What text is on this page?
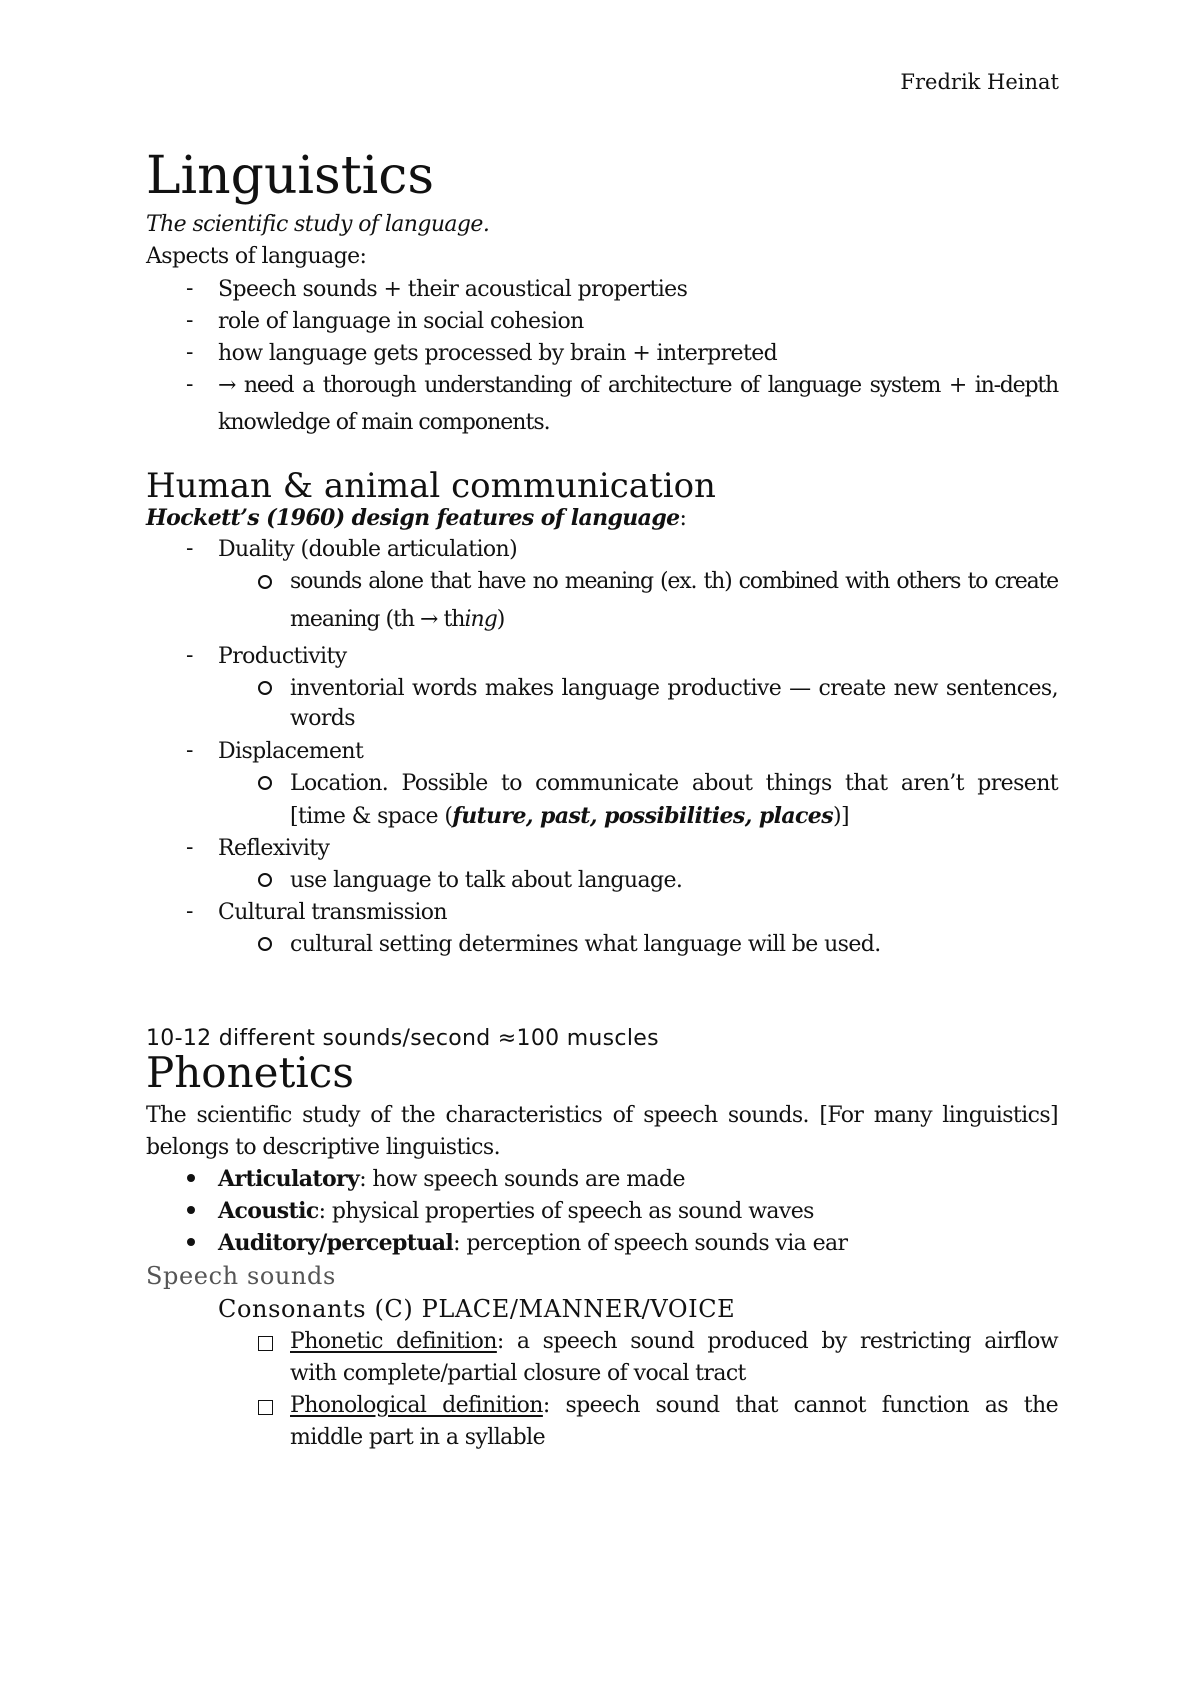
Fredrik Heinat
Linguistics
The scientific study of language.
Aspects of language:
- Speech sounds + their acoustical properties
- role of language in social cohesion
- how language gets processed by brain + interpreted
- → need a thorough understanding of architecture of language system + in-depth
knowledge of main components.
Human & animal communication
Hockett’s (1960) design features of language:
- Duality (double articulation)
sounds alone that have no meaning (ex. th) combined with others to create
meaning (th → thing)
- Productivity
inventorial words makes language productive — create new sentences,
words
- Displacement
Location. Possible to communicate about things that aren’t present
[time & space (future, past, possibilities, places)]
- Reflexivity
use language to talk about language.
- Cultural transmission
cultural setting determines what language will be used.
10-12 different sounds/second ≈100 muscles
Phonetics
The scientific study of the characteristics of speech sounds. [For many linguistics]
belongs to descriptive linguistics.
Articulatory: how speech sounds are made
Acoustic: physical properties of speech as sound waves
Auditory/perceptual: perception of speech sounds via ear
Speech sounds
Consonants (C) PLACE/MANNER/VOICE
Phonetic definition: a speech sound produced by restricting airflow
with complete/partial closure of vocal tract
Phonological definition: speech sound that cannot function as the
middle part in a syllable
